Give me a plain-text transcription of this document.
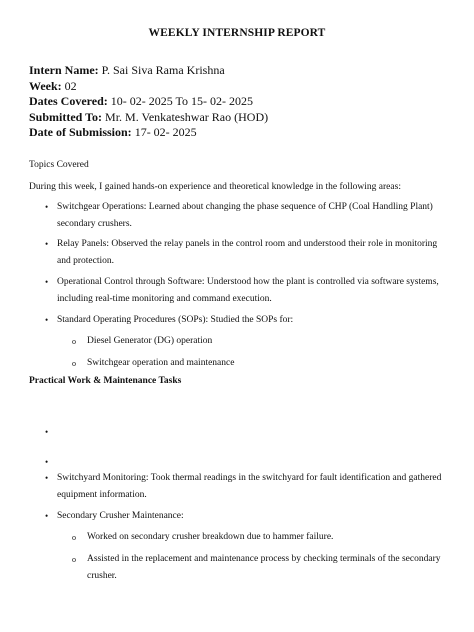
WEEKLY INTERNSHIP REPORT
Intern Name: P. Sai Siva Rama Krishna
Week: 02
Dates Covered: 10- 02- 2025 To 15- 02- 2025
Submitted To: Mr. M. Venkateshwar Rao (HOD)
Date of Submission: 17- 02- 2025
Topics Covered
During this week, I gained hands-on experience and theoretical knowledge in the following areas:
• Switchgear Operations: Learned about changing the phase sequence of CHP (Coal Handling Plant) secondary crushers.
• Relay Panels: Observed the relay panels in the control room and understood their role in monitoring and protection.
• Operational Control through Software: Understood how the plant is controlled via software systems, including real-time monitoring and command execution.
• Standard Operating Procedures (SOPs): Studied the SOPs for:
o	Diesel Generator (DG) operation
o	Switchgear operation and maintenance
Practical Work & Maintenance Tasks
•
•
• Switchyard Monitoring: Took thermal readings in the switchyard for fault identification and gathered equipment information.
• Secondary Crusher Maintenance:
o	Worked on secondary crusher breakdown due to hammer failure.
o	Assisted in the replacement and maintenance process by checking terminals of the secondary crusher.
